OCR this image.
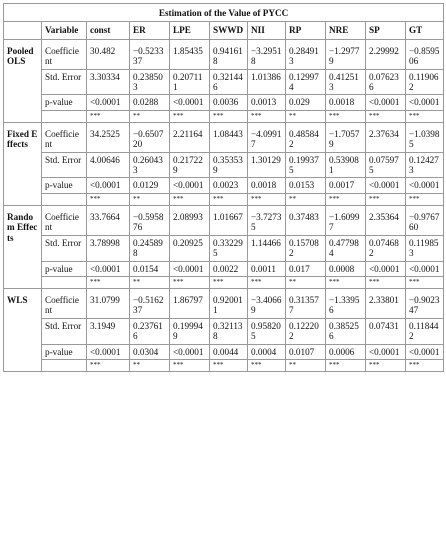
Estimation of the Value of PYCC										
	Variable	const	ER	LPE	SWWD	NII	RP	NRE	SP	GT
Pooled OLS	Coefficient	30.482	−0.523337	1.85435	0.941618	−3.29518	0.284913	−1.29779	2.29992	−0.859506
	Std. Error	3.30334	0.238503	0.207111	0.321446	1.01386	0.129974	0.412513	0.076236	0.119062
	p-value	<0.0001	0.0288	<0.0001	0.0036	0.0013	0.029	0.0018	<0.0001	<0.0001
		***	**	***	***	***	**	***	***	***
Fixed Effects	Coefficient	34.2525	−0.650720	2.21164	1.08443	−4.09917	0.485842	−1.70579	2.37634	−1.03985
	Std. Error	4.00646	0.260433	0.217229	0.353539	1.30129	0.199375	0.539081	0.075975	0.124273
	p-value	<0.0001	0.0129	<0.0001	0.0023	0.0018	0.0153	0.0017	<0.0001	<0.0001
		***	**	***	***	***	**	***	***	***
Random Effects	Coefficient	33.7664	−0.595876	2.08993	1.01667	−3.72735	0.37483	−1.60997	2.35364	−0.976760
	Std. Error	3.78998	0.245898	0.20925	0.332295	1.14466	0.157082	0.477984	0.074682	0.119853
	p-value	<0.0001	0.0154	<0.0001	0.0022	0.0011	0.017	0.0008	<0.0001	<0.0001
		***	**	***	***	***	**	***	***	***
WLS	Coefficient	31.0799	−0.516237	1.86797	0.920011	−3.40669	0.313577	−1.33956	2.33801	−0.902347
	Std. Error	3.1949	0.237616	0.199949	0.321138	0.958205	0.122202	0.385256	0.07431	0.118442
	p-value	<0.0001	0.0304	<0.0001	0.0044	0.0004	0.0107	0.0006	<0.0001	<0.0001
		***	**	***	***	***	**	***	***	***
